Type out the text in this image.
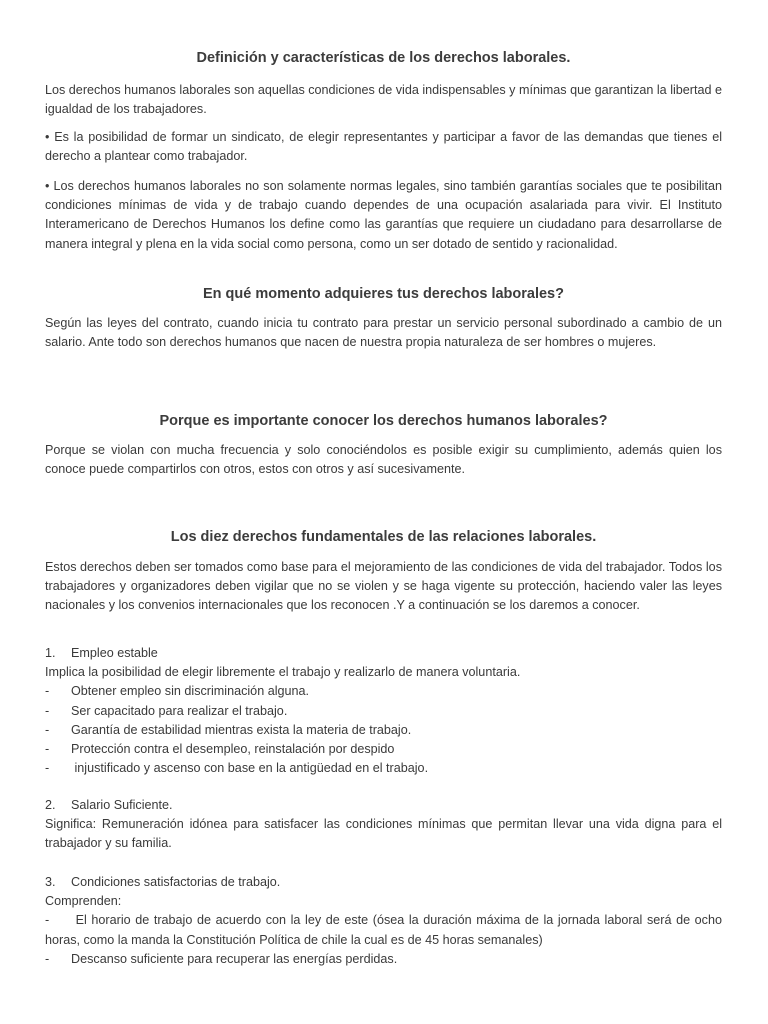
Definición y características de los derechos laborales.

Los derechos humanos laborales son aquellas condiciones de vida indispensables y mínimas que garantizan la libertad e igualdad de los trabajadores.

• Es la posibilidad de formar un sindicato, de elegir representantes y participar a favor de las demandas que tienes el derecho a plantear como trabajador.

• Los derechos humanos laborales no son solamente normas legales, sino también garantías sociales que te posibilitan condiciones mínimas de vida y de trabajo cuando dependes de una ocupación asalariada para vivir. El Instituto Interamericano de Derechos Humanos los define como las garantías que requiere un ciudadano para desarrollarse de manera integral y plena en la vida social como persona, como un ser dotado de sentido y racionalidad.

En qué momento adquieres tus derechos laborales?

Según las leyes del contrato, cuando inicia tu contrato para prestar un servicio personal subordinado a cambio de un salario. Ante todo son derechos humanos que nacen de nuestra propia naturaleza de ser hombres o mujeres.

Porque es importante conocer los derechos humanos laborales?

Porque se violan con mucha frecuencia y solo conociéndolos es posible exigir su cumplimiento, además quien los conoce puede compartirlos con otros, estos con otros y así sucesivamente.

Los diez derechos fundamentales de las relaciones laborales.

Estos derechos deben ser tomados como base para el mejoramiento de las condiciones de vida del trabajador. Todos los trabajadores y organizadores deben vigilar que no se violen y se haga vigente su protección, haciendo valer las leyes nacionales y los convenios internacionales que los reconocen .Y a continuación se los daremos a conocer.

1. Empleo estable
Implica la posibilidad de elegir libremente el trabajo y realizarlo de manera voluntaria.
- Obtener empleo sin discriminación alguna.
- Ser capacitado para realizar el trabajo.
- Garantía de estabilidad mientras exista la materia de trabajo.
- Protección contra el desempleo, reinstalación por despido
- injustificado y ascenso con base en la antigüedad en el trabajo.
2. Salario Suficiente.
Significa: Remuneración idónea para satisfacer las condiciones mínimas que permitan llevar una vida digna para el trabajador y su familia.
3. Condiciones satisfactorias de trabajo.
Comprenden:
- El horario de trabajo de acuerdo con la ley de este (ósea la duración máxima de la jornada laboral será de ocho horas, como la manda la Constitución Política de chile la cual es de 45 horas semanales)
- Descanso suficiente para recuperar las energías perdidas.
